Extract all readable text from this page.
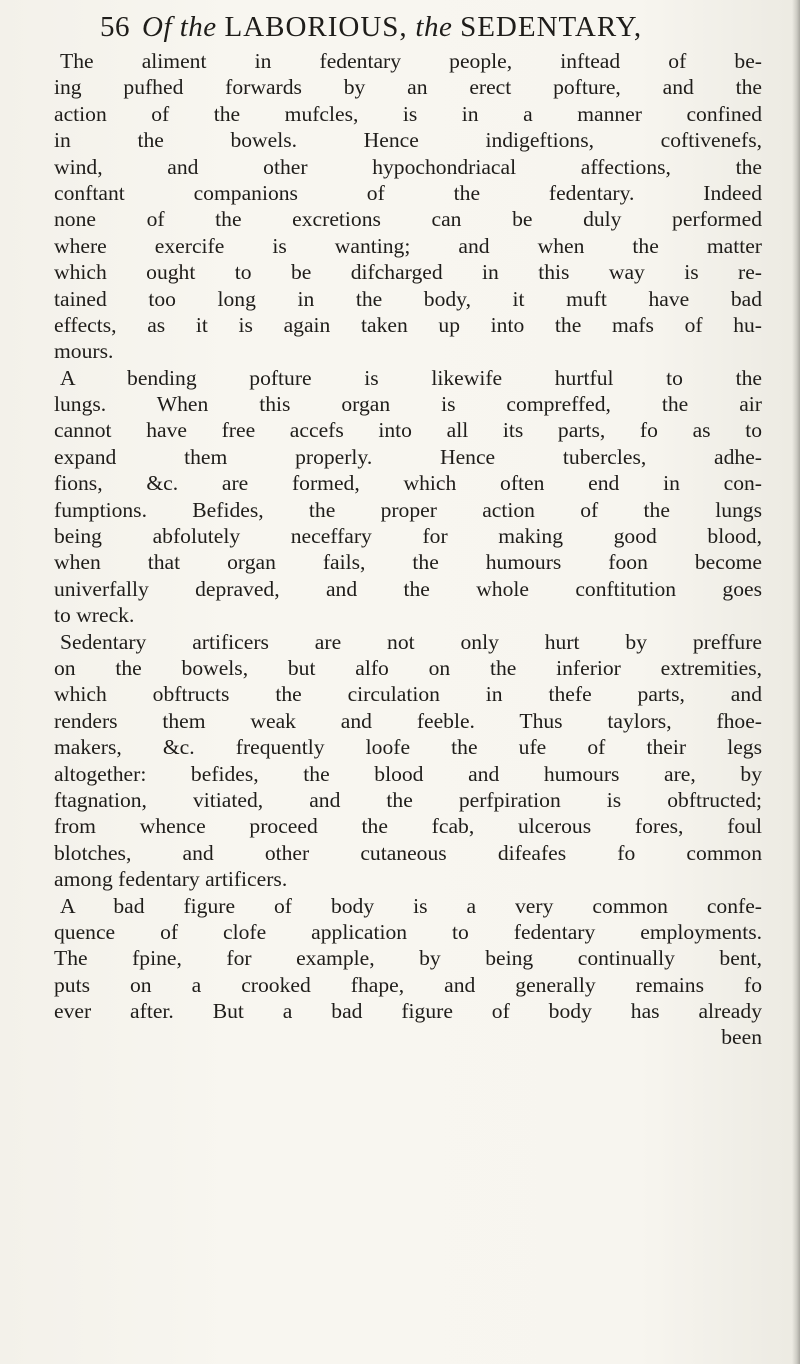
56 Of the LABORIOUS, the SEDENTARY,
The aliment in fedentary people, inftead of be-
ing pufhed forwards by an erect pofture, and the
action of the mufcles, is in a manner confined
in the bowels. Hence indigeftions, coftivenefs,
wind, and other hypochondriacal affections, the
conftant companions of the fedentary. Indeed
none of the excretions can be duly performed
where exercife is wanting; and when the matter
which ought to be difcharged in this way is re-
tained too long in the body, it muft have bad
effects, as it is again taken up into the mafs of hu-
mours.
A bending pofture is likewife hurtful to the
lungs. When this organ is compreffed, the air
cannot have free accefs into all its parts, fo as to
expand them properly. Hence tubercles, adhe-
fions, &c. are formed, which often end in con-
fumptions. Befides, the proper action of the lungs
being abfolutely neceffary for making good blood,
when that organ fails, the humours foon become
univerfally depraved, and the whole conftitution goes
to wreck.
Sedentary artificers are not only hurt by preffure
on the bowels, but alfo on the inferior extremities,
which obftructs the circulation in thefe parts, and
renders them weak and feeble. Thus taylors, fhoe-
makers, &c. frequently loofe the ufe of their legs
altogether: befides, the blood and humours are, by
ftagnation, vitiated, and the perfpiration is obftructed;
from whence proceed the fcab, ulcerous fores, foul
blotches, and other cutaneous difeafes fo common
among fedentary artificers.
A bad figure of body is a very common confe-
quence of clofe application to fedentary employments.
The fpine, for example, by being continually bent,
puts on a crooked fhape, and generally remains fo
ever after. But a bad figure of body has already
been
